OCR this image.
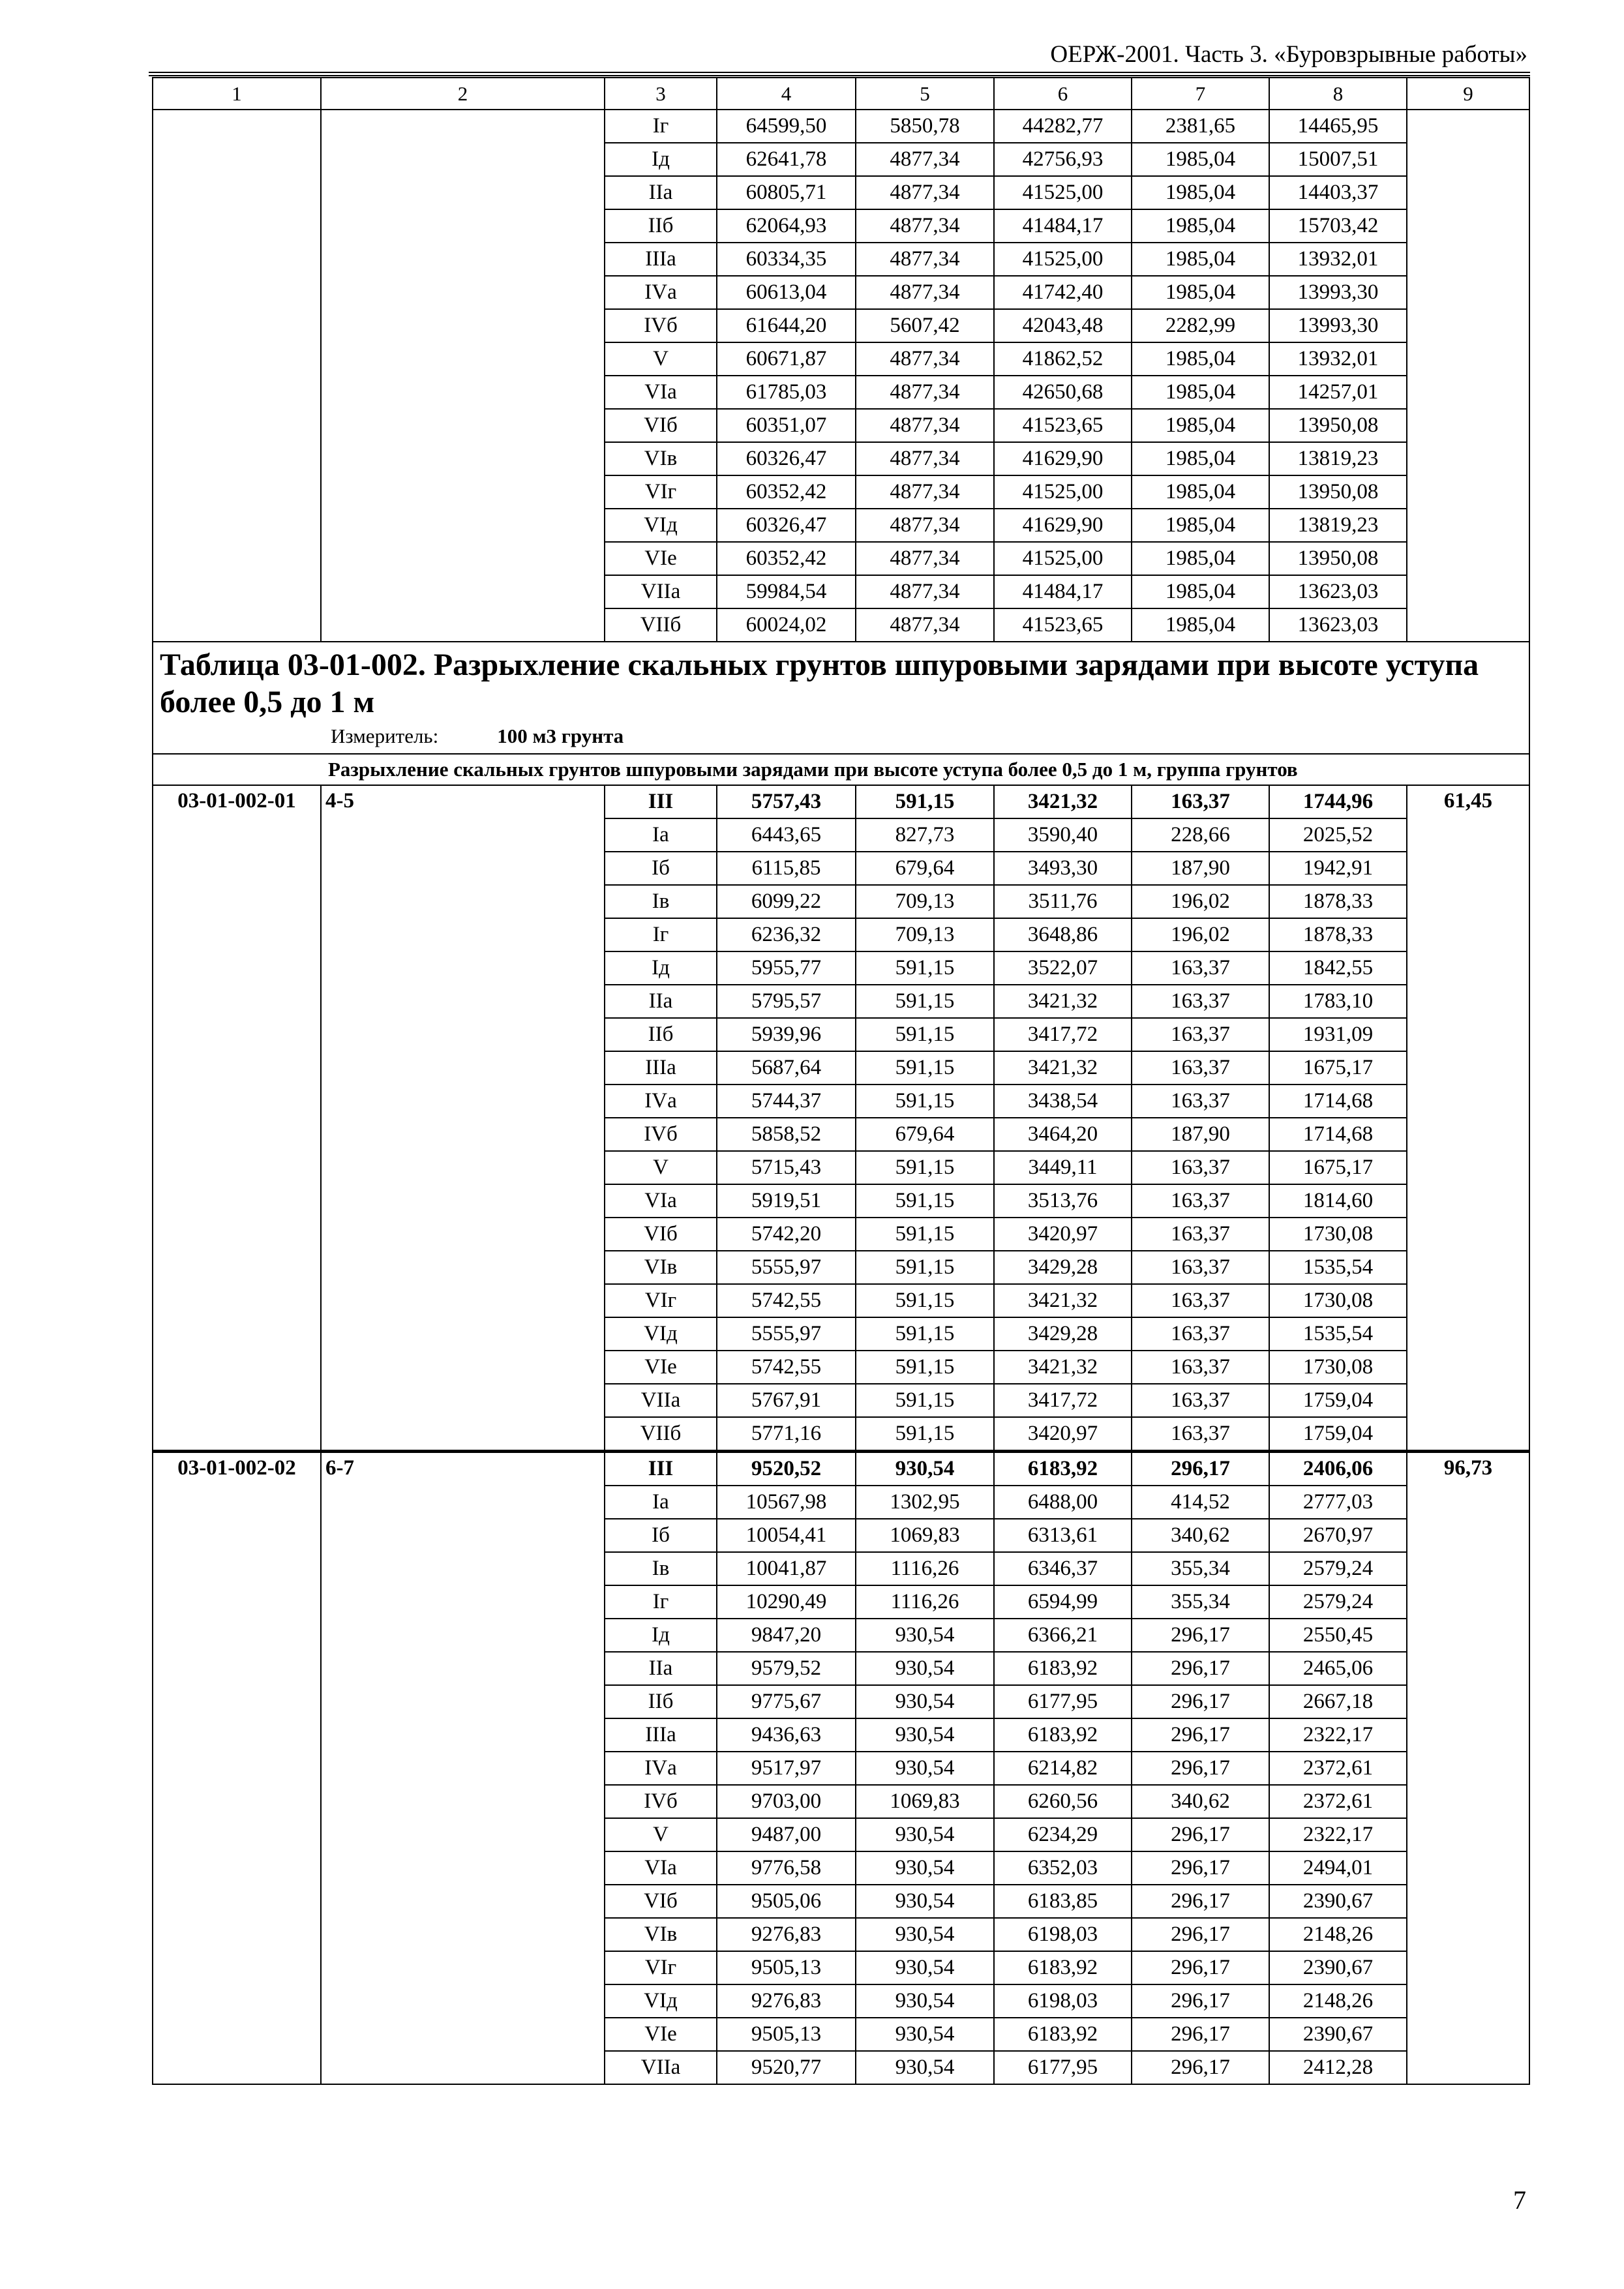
ОЕРЖ-2001. Часть 3. «Буровзрывные работы»
1	2	3	4	5	6	7	8	9
		Iг	64599,50	5850,78	44282,77	2381,65	14465,95	
		Iд	62641,78	4877,34	42756,93	1985,04	15007,51	
		IIа	60805,71	4877,34	41525,00	1985,04	14403,37	
		IIб	62064,93	4877,34	41484,17	1985,04	15703,42	
		IIIа	60334,35	4877,34	41525,00	1985,04	13932,01	
		IVа	60613,04	4877,34	41742,40	1985,04	13993,30	
		IVб	61644,20	5607,42	42043,48	2282,99	13993,30	
		V	60671,87	4877,34	41862,52	1985,04	13932,01	
		VIа	61785,03	4877,34	42650,68	1985,04	14257,01	
		VIб	60351,07	4877,34	41523,65	1985,04	13950,08	
		VIв	60326,47	4877,34	41629,90	1985,04	13819,23	
		VIг	60352,42	4877,34	41525,00	1985,04	13950,08	
		VIд	60326,47	4877,34	41629,90	1985,04	13819,23	
		VIе	60352,42	4877,34	41525,00	1985,04	13950,08	
		VIIа	59984,54	4877,34	41484,17	1985,04	13623,03	
		VIIб	60024,02	4877,34	41523,65	1985,04	13623,03	

Таблица 03-01-002. Разрыхление скальных грунтов шпуровыми зарядами при высоте уступа более 0,5 до 1 м
Измеритель: 100 м3 грунта								

Разрыхление скальных грунтов шпуровыми зарядами при высоте уступа более 0,5 до 1 м, группа грунтов								
03-01-002-01	4-5	III	5757,43	591,15	3421,32	163,37	1744,96	61,45
		Iа	6443,65	827,73	3590,40	228,66	2025,52	
		Iб	6115,85	679,64	3493,30	187,90	1942,91	
		Iв	6099,22	709,13	3511,76	196,02	1878,33	
		Iг	6236,32	709,13	3648,86	196,02	1878,33	
		Iд	5955,77	591,15	3522,07	163,37	1842,55	
		IIа	5795,57	591,15	3421,32	163,37	1783,10	
		IIб	5939,96	591,15	3417,72	163,37	1931,09	
		IIIа	5687,64	591,15	3421,32	163,37	1675,17	
		IVа	5744,37	591,15	3438,54	163,37	1714,68	
		IVб	5858,52	679,64	3464,20	187,90	1714,68	
		V	5715,43	591,15	3449,11	163,37	1675,17	
		VIа	5919,51	591,15	3513,76	163,37	1814,60	
		VIб	5742,20	591,15	3420,97	163,37	1730,08	
		VIв	5555,97	591,15	3429,28	163,37	1535,54	
		VIг	5742,55	591,15	3421,32	163,37	1730,08	
		VIд	5555,97	591,15	3429,28	163,37	1535,54	
		VIе	5742,55	591,15	3421,32	163,37	1730,08	
		VIIа	5767,91	591,15	3417,72	163,37	1759,04	
		VIIб	5771,16	591,15	3420,97	163,37	1759,04	
03-01-002-02	6-7	III	9520,52	930,54	6183,92	296,17	2406,06	96,73
		Iа	10567,98	1302,95	6488,00	414,52	2777,03	
		Iб	10054,41	1069,83	6313,61	340,62	2670,97	
		Iв	10041,87	1116,26	6346,37	355,34	2579,24	
		Iг	10290,49	1116,26	6594,99	355,34	2579,24	
		Iд	9847,20	930,54	6366,21	296,17	2550,45	
		IIа	9579,52	930,54	6183,92	296,17	2465,06	
		IIб	9775,67	930,54	6177,95	296,17	2667,18	
		IIIа	9436,63	930,54	6183,92	296,17	2322,17	
		IVа	9517,97	930,54	6214,82	296,17	2372,61	
		IVб	9703,00	1069,83	6260,56	340,62	2372,61	
		V	9487,00	930,54	6234,29	296,17	2322,17	
		VIа	9776,58	930,54	6352,03	296,17	2494,01	
		VIб	9505,06	930,54	6183,85	296,17	2390,67	
		VIв	9276,83	930,54	6198,03	296,17	2148,26	
		VIг	9505,13	930,54	6183,92	296,17	2390,67	
		VIд	9276,83	930,54	6198,03	296,17	2148,26	
		VIе	9505,13	930,54	6183,92	296,17	2390,67	
		VIIа	9520,77	930,54	6177,95	296,17	2412,28	
7
